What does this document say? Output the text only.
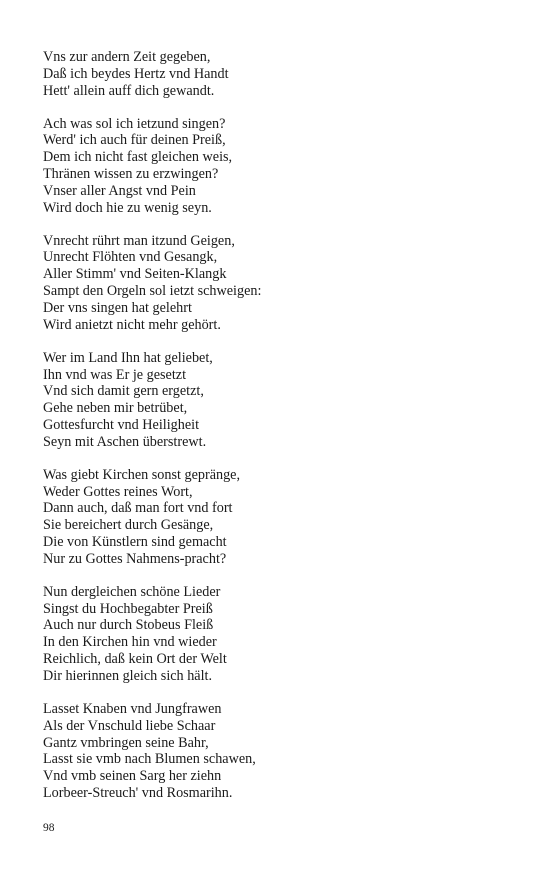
Vns zur andern Zeit gegeben,
Daß ich beydes Hertz vnd Handt
Hett' allein auff dich gewandt.
Ach was sol ich ietzund singen?
Werd' ich auch für deinen Preiß,
Dem ich nicht fast gleichen weis,
Thränen wissen zu erzwingen?
Vnser aller Angst vnd Pein
Wird doch hie zu wenig seyn.
Vnrecht rührt man itzund Geigen,
Unrecht Flöhten vnd Gesangk,
Aller Stimm' vnd Seiten-Klangk
Sampt den Orgeln sol ietzt schweigen:
Der vns singen hat gelehrt
Wird anietzt nicht mehr gehört.
Wer im Land Ihn hat geliebet,
Ihn vnd was Er je gesetzt
Vnd sich damit gern ergetzt,
Gehe neben mir betrübet,
Gottesfurcht vnd Heiligheit
Seyn mit Aschen überstrewt.
Was giebt Kirchen sonst gepränge,
Weder Gottes reines Wort,
Dann auch, daß man fort vnd fort
Sie bereichert durch Gesänge,
Die von Künstlern sind gemacht
Nur zu Gottes Nahmens-pracht?
Nun dergleichen schöne Lieder
Singst du Hochbegabter Preiß
Auch nur durch Stobeus Fleiß
In den Kirchen hin vnd wieder
Reichlich, daß kein Ort der Welt
Dir hierinnen gleich sich hält.
Lasset Knaben vnd Jungfrawen
Als der Vnschuld liebe Schaar
Gantz vmbringen seine Bahr,
Lasst sie vmb nach Blumen schawen,
Vnd vmb seinen Sarg her ziehn
Lorbeer-Streuch' vnd Rosmarihn.
98
